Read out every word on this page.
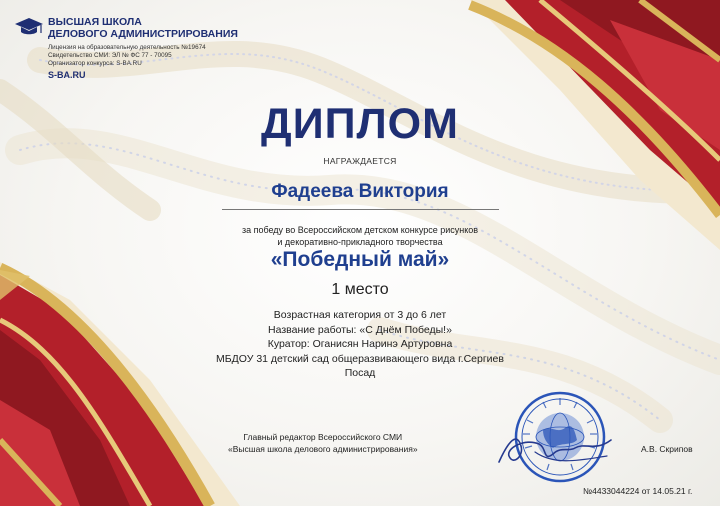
ВЫСШАЯ ШКОЛА
ДЕЛОВОГО АДМИНИСТРИРОВАНИЯ
Лицензия на образовательную деятельность №19674
Свидетельство СМИ: ЭЛ № ФС 77 - 70095
Организатор конкурса: S-BA.RU
S-BA.RU
ДИПЛОМ
НАГРАЖДАЕТСЯ
Фадеева Виктория
за победу во Всероссийском детском конкурсе рисунков
и декоративно-прикладного творчества
«Победный май»
1 место
Возрастная категория от 3 до 6 лет
Название работы: «С Днём Победы!»
Куратор: Оганисян Наринэ Артуровна
МБДОУ 31 детский сад общеразвивающего вида г.Сергиев
Посад
Главный редактор Всероссийского СМИ
«Высшая школа делового администрирования»	А.В. Скрипов
№4433044224 от 14.05.21 г.
